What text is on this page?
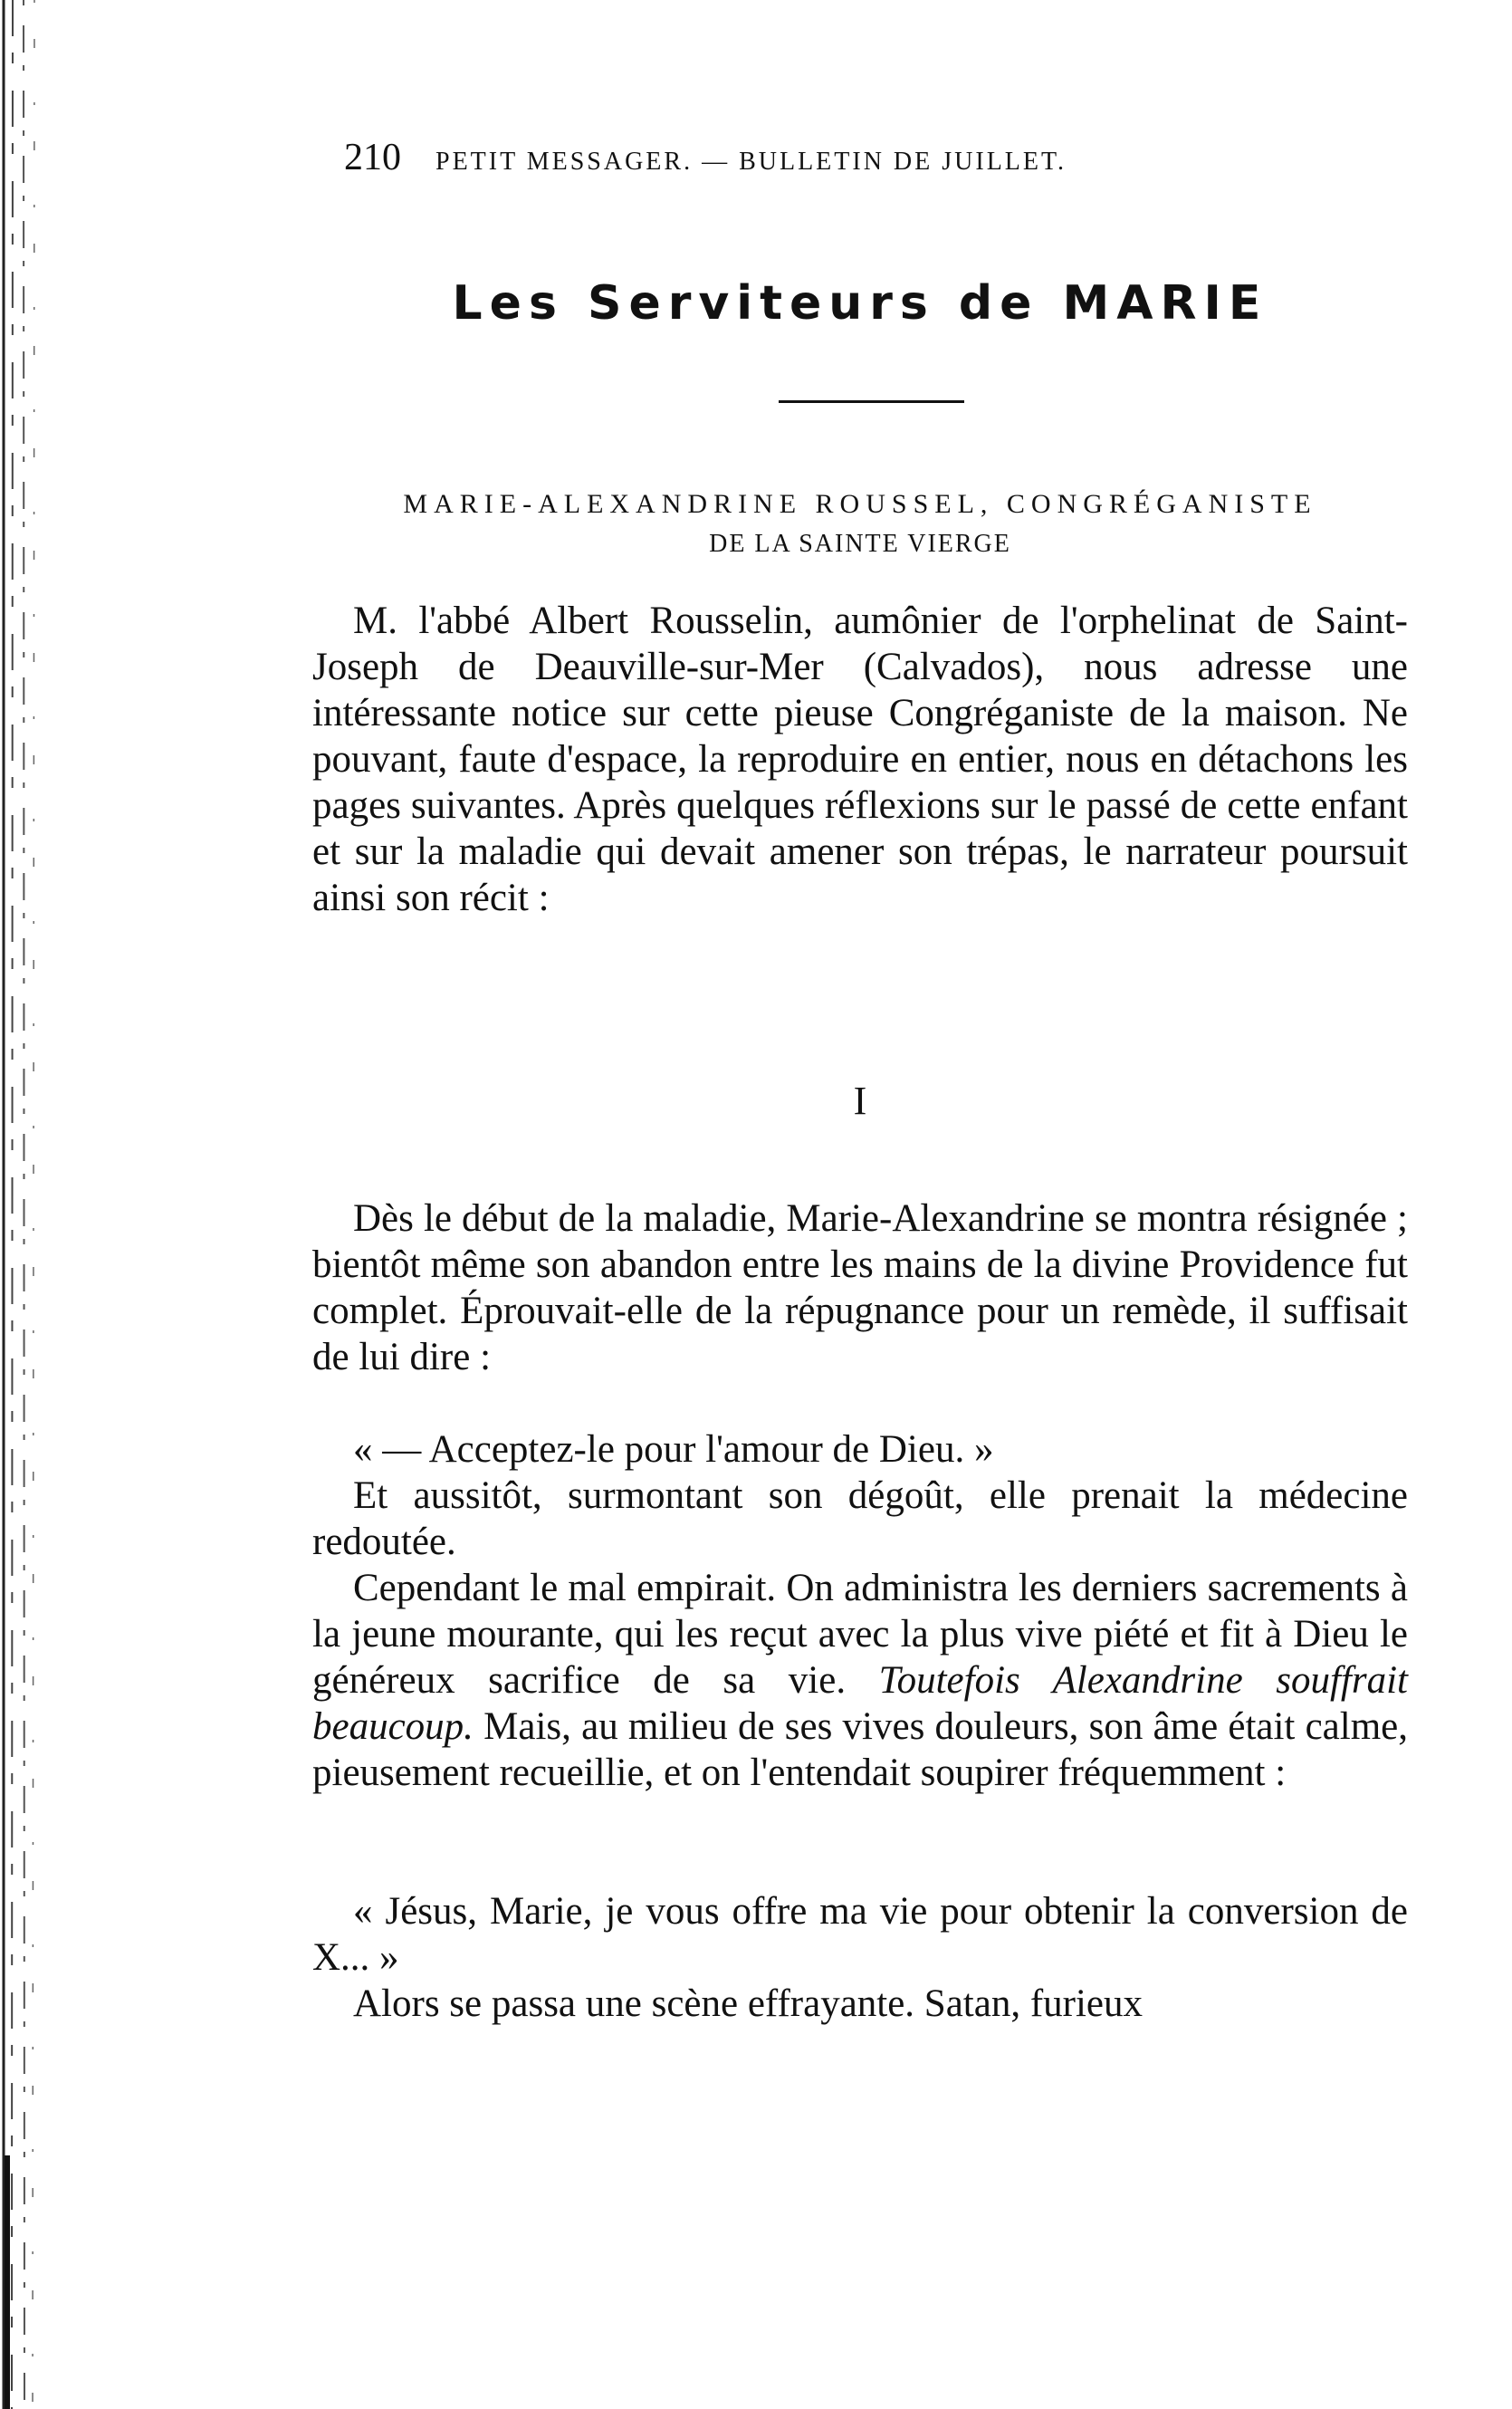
210 PETIT MESSAGER. — BULLETIN DE JUILLET.
Les Serviteurs de MARIE
MARIE-ALEXANDRINE ROUSSEL, CONGRÉGANISTE
DE LA SAINTE VIERGE

M. l'abbé Albert Rousselin, aumônier de l'orphelinat de Saint-Joseph de Deauville-sur-Mer (Calvados), nous adresse une intéressante notice sur cette pieuse Congréganiste de la maison. Ne pouvant, faute d'espace, la reproduire en entier, nous en détachons les pages suivantes. Après quelques réflexions sur le passé de cette enfant et sur la maladie qui devait amener son trépas, le narrateur poursuit ainsi son récit :

I

Dès le début de la maladie, Marie-Alexandrine se montra résignée ; bientôt même son abandon entre les mains de la divine Providence fut complet. Éprouvait-elle de la répugnance pour un remède, il suffisait de lui dire :

« — Acceptez-le pour l'amour de Dieu. »

Et aussitôt, surmontant son dégoût, elle prenait la médecine redoutée.

Cependant le mal empirait. On administra les derniers sacrements à la jeune mourante, qui les reçut avec la plus vive piété et fit à Dieu le généreux sacrifice de sa vie. Toutefois Alexandrine souffrait beaucoup. Mais, au milieu de ses vives douleurs, son âme était calme, pieusement recueillie, et on l'entendait soupirer fréquemment :

« Jésus, Marie, je vous offre ma vie pour obtenir la conversion de X... »

Alors se passa une scène effrayante. Satan, furieux
